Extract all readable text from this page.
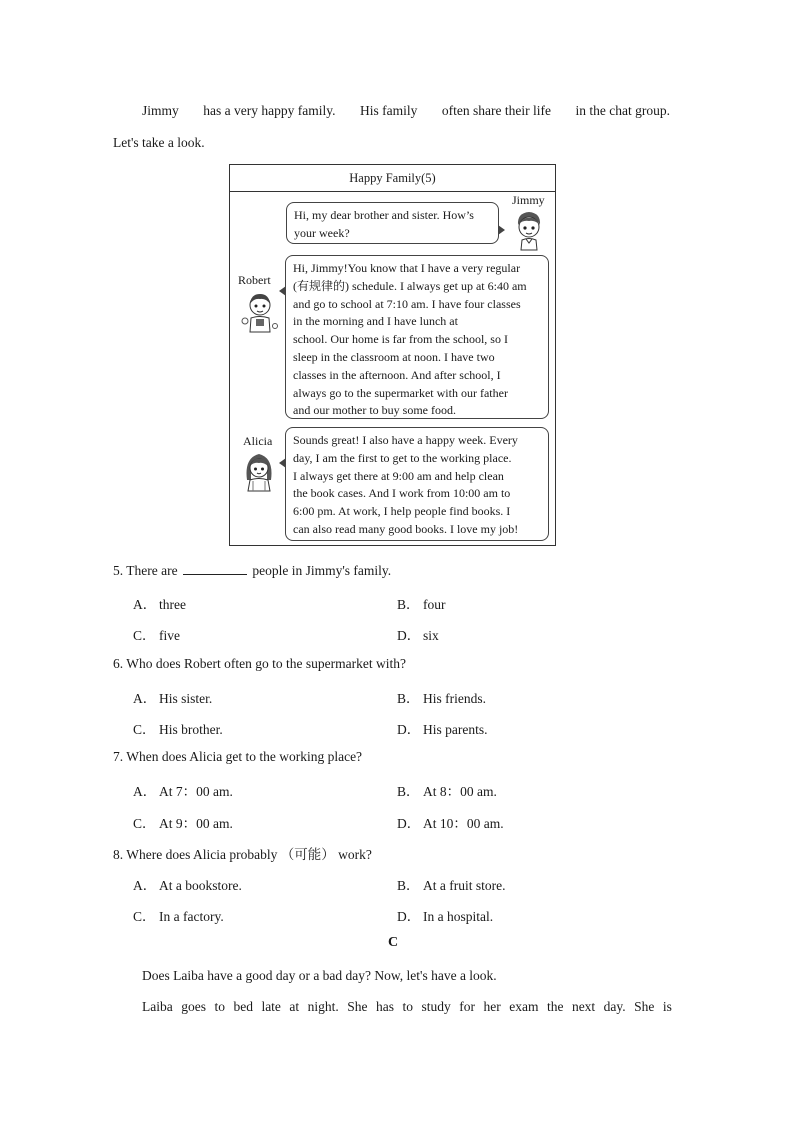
Jimmy has a very happy family. His family often share their life in the chat group.
Let's take a look.
Happy Family(5)
Jimmy

Hi, my dear brother and sister. How’s

your week?

Robert

Hi, Jimmy!You know that I have a very regular

(有规律的) schedule. I always get up at 6:40 am

and go to school at 7:10 am. I have four classes

in the morning and I have lunch at

school. Our home is far from the school, so I

sleep in the classroom at noon. I have two

classes in the afternoon. And after school, I

always go to the supermarket with our father

and our mother to buy some food.

Alicia Sounds great! I also have a happy week. Every

day, I am the first to get to the working place.

I always get there at 9:00 am and help clean

the book cases. And I work from 10:00 am to

6:00 pm. At work, I help people find books. I

can also read many good books. I love my job!

5. There are	people in Jimmy's family.
A． three	B． four
C． five	D． six
6. Who does Robert often go to the supermarket with?
A． His sister.	B． His friends.
C． His brother.	D． His parents.
7. When does Alicia get to the working place?
A． At 7：00 am.	B． At 8：00 am.
C． At 9：00 am.	D． At 10：00 am.
8. Where does Alicia probably （可能） work?
A． At a bookstore.	B． At a fruit store.
C． In a factory.	D． In a hospital.
C
Does Laiba have a good day or a bad day? Now, let's have a look.
Laiba goes to bed late at night. She has to study for her exam the next day. She is
